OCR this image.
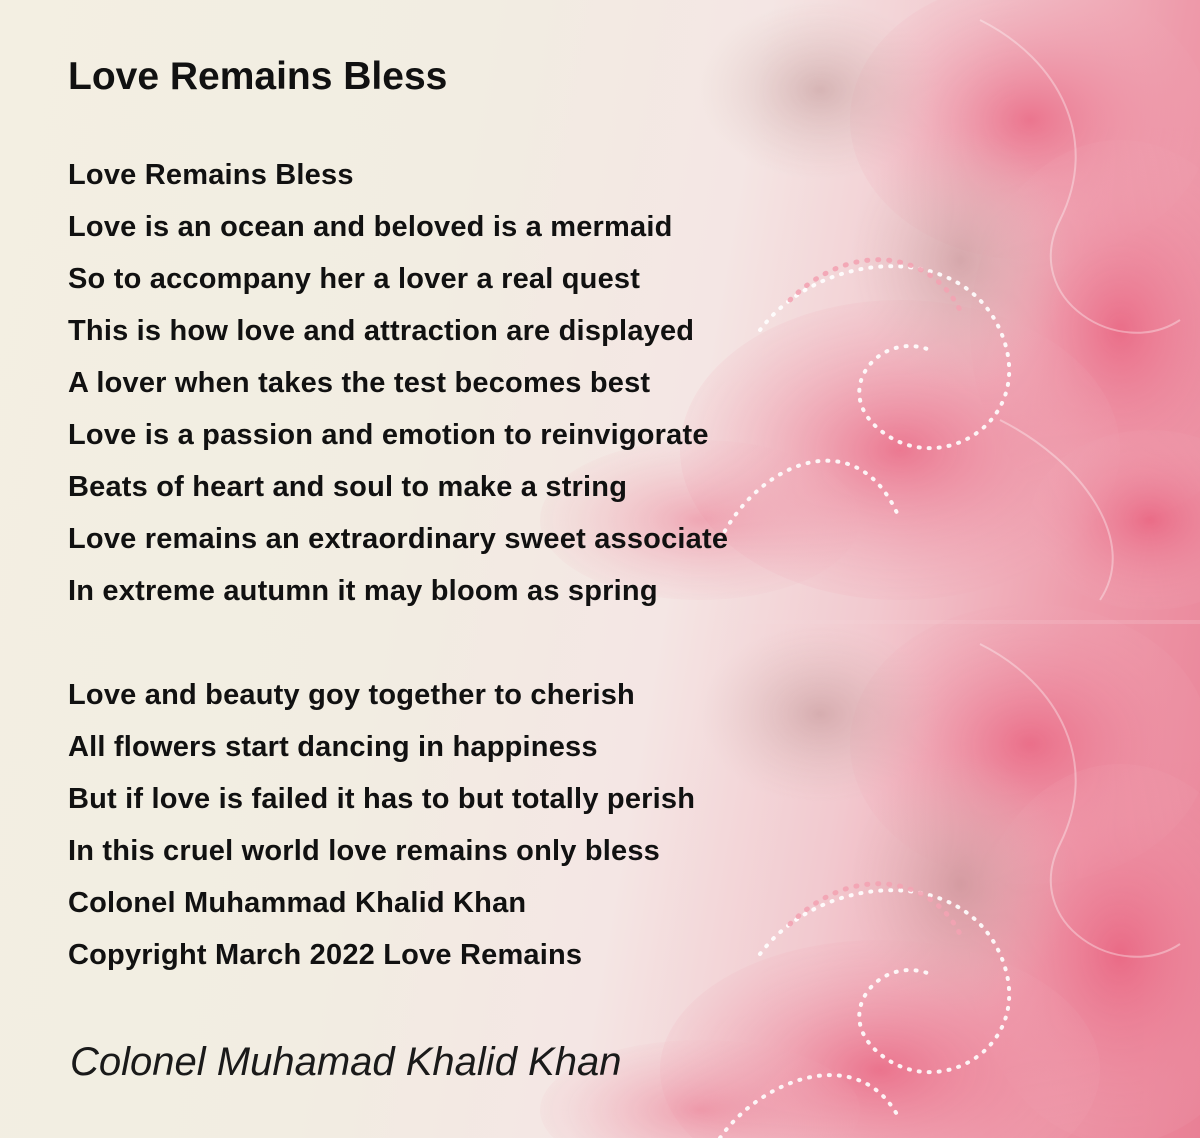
Love Remains Bless
Love Remains Bless
Love is an ocean and beloved is a mermaid
So to accompany her a lover a real quest
This is how love and attraction are displayed
A lover when takes the test becomes best
Love is a passion and emotion to reinvigorate
Beats of heart and soul to make a string
Love remains an extraordinary sweet associate
In extreme autumn it may bloom as spring
Love and beauty goy together to cherish
All flowers start dancing in happiness
But if love is failed it has to but totally perish
In this cruel world love remains only bless
Colonel Muhammad Khalid Khan
Copyright March 2022 Love Remains
Colonel Muhamad Khalid Khan
